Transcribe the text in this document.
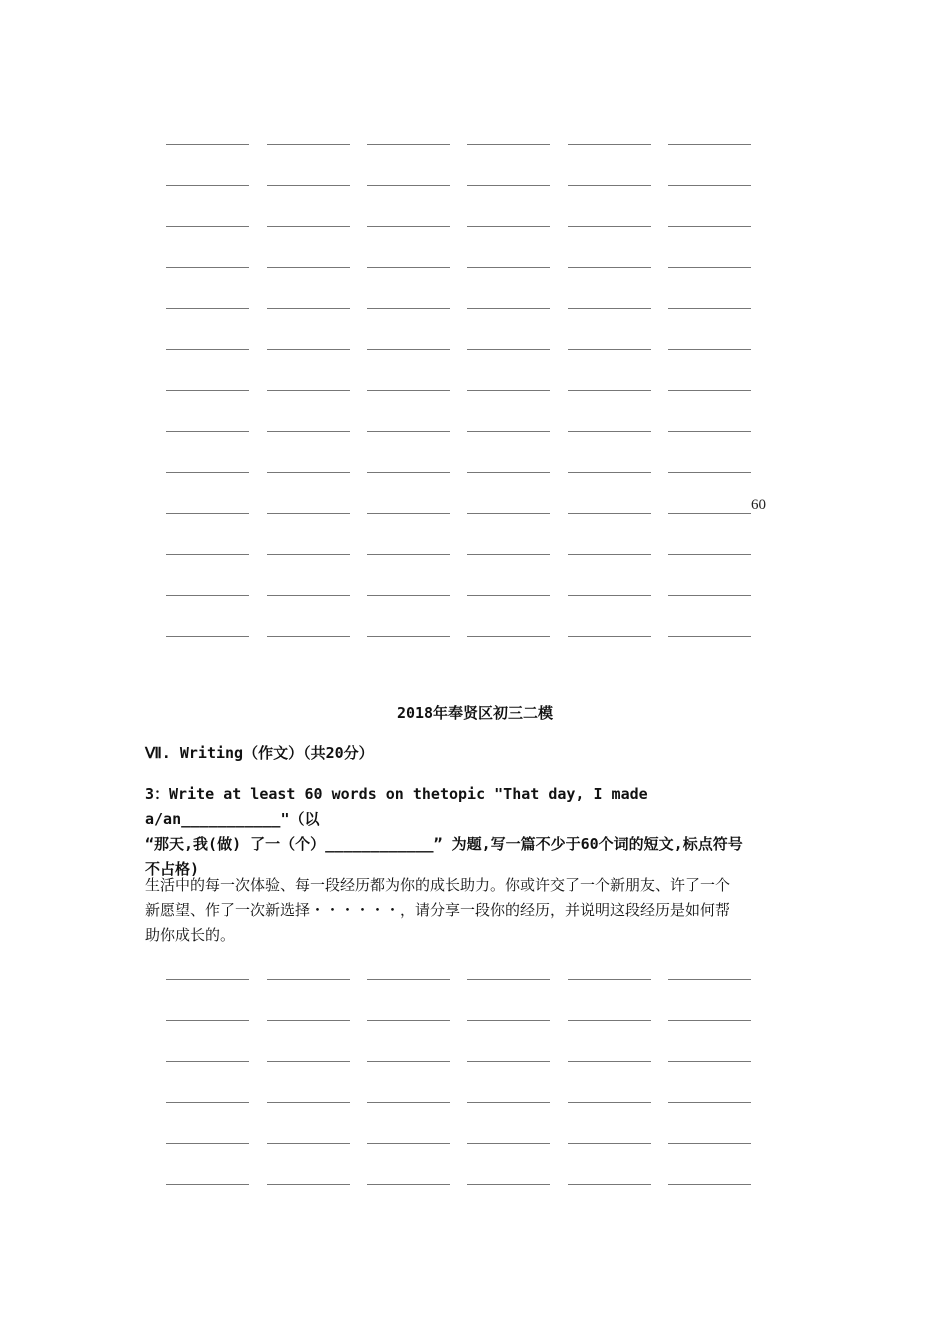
60
2018年奉贤区初三二模
Ⅶ. Writing（作文）（共20分）
3：Write at least 60 words on thetopic "That day, I made a/an___________"（以
“那天,我(做) 了一（个）____________” 为题,写一篇不少于60个词的短文,标点符号
不占格)
生活中的每一次体验、每一段经历都为你的成长助力。你或许交了一个新朋友、许了一个
新愿望、作了一次新选择・・・・・・，请分享一段你的经历，并说明这段经历是如何帮
助你成长的。
